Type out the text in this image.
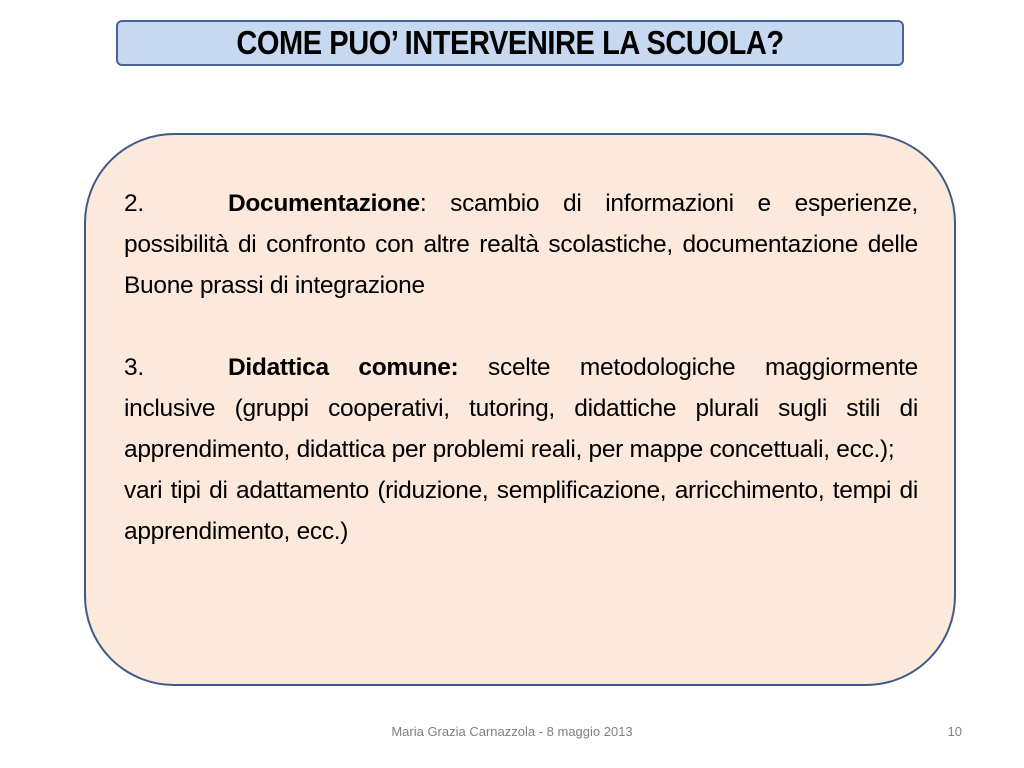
COME PUO’ INTERVENIRE LA SCUOLA?

2.	Documentazione: scambio di informazioni e esperienze, possibilità di confronto con altre realtà scolastiche, documentazione delle Buone prassi di integrazione

3.	Didattica comune: scelte metodologiche maggiormente inclusive (gruppi cooperativi, tutoring, didattiche plurali sugli stili di apprendimento, didattica per problemi reali, per mappe concettuali, ecc.);

vari tipi di adattamento (riduzione, semplificazione, arricchimento, tempi di apprendimento, ecc.)

Maria Grazia Carnazzola - 8 maggio 2013	10
